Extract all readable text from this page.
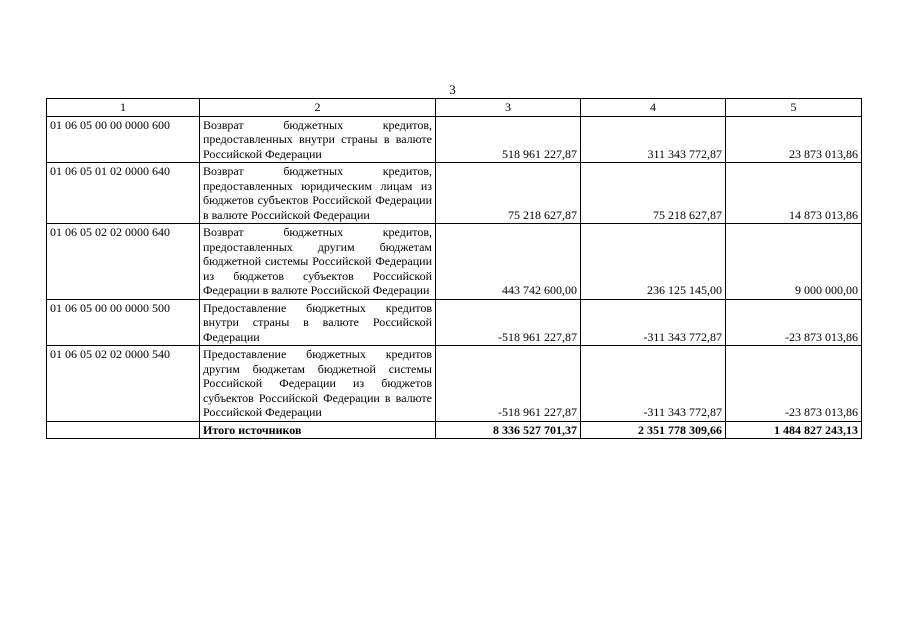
3
1	2	3	4	5
01 06 05 00 00 0000 600	Возврат бюджетных кредитов, предоставленных внутри страны в валюте Российской Федерации	518 961 227,87	311 343 772,87	23 873 013,86
01 06 05 01 02 0000 640	Возврат бюджетных кредитов, предоставленных юридическим лицам из бюджетов субъектов Российской Федерации в валюте Российской Федерации	75 218 627,87	75 218 627,87	14 873 013,86
01 06 05 02 02 0000 640	Возврат бюджетных кредитов, предоставленных другим бюджетам бюджетной системы Российской Федерации из бюджетов субъектов Российской Федерации в валюте Российской Федерации	443 742 600,00	236 125 145,00	9 000 000,00
01 06 05 00 00 0000 500	Предоставление бюджетных кредитов внутри страны в валюте Российской Федерации	-518 961 227,87	-311 343 772,87	-23 873 013,86
01 06 05 02 02 0000 540	Предоставление бюджетных кредитов другим бюджетам бюджетной системы Российской Федерации из бюджетов субъектов Российской Федерации в валюте Российской Федерации	-518 961 227,87	-311 343 772,87	-23 873 013,86
	Итого источников	8 336 527 701,37	2 351 778 309,66	1 484 827 243,13
